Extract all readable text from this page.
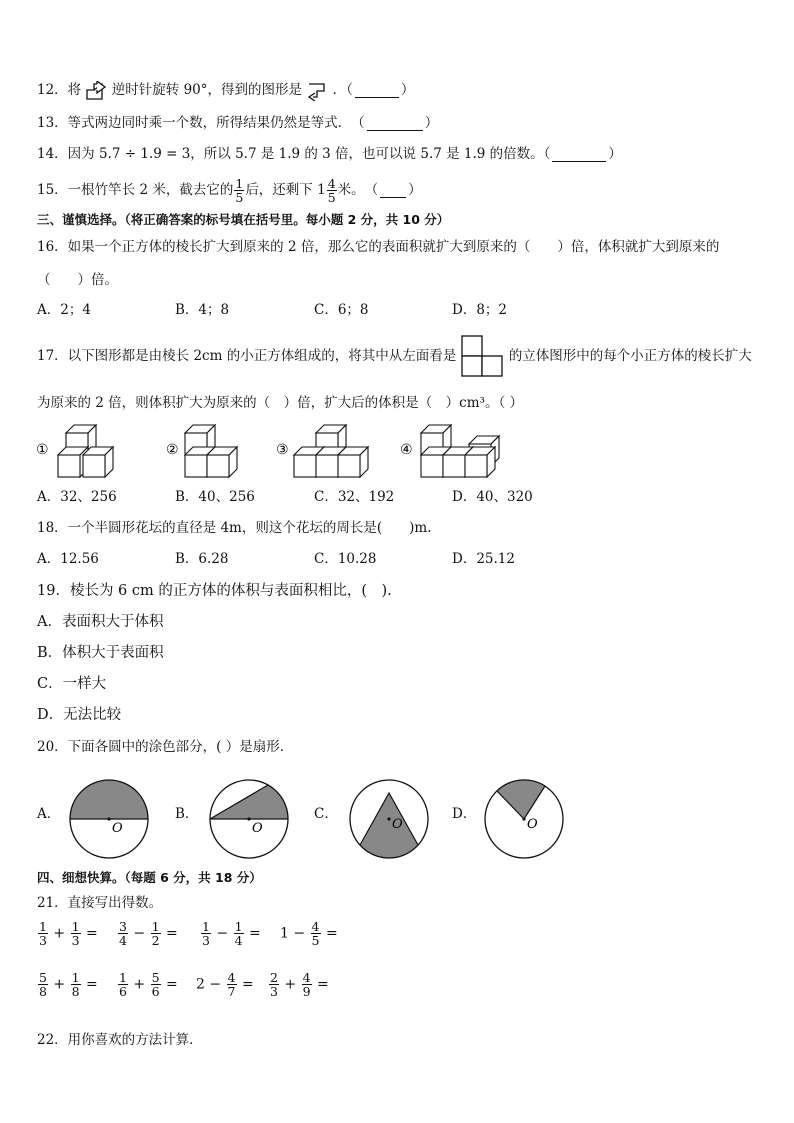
12．将 逆时针旋转 90°，得到的图形是 ．（	）
13．等式两边同时乘一个数，所得结果仍然是等式．　（	）
14．因为 5.7 ÷ 1.9 = 3，所以 5.7 是 1.9 的 3 倍，也可以说 5.7 是 1.9 的倍数。（	）
15．一根竹竿长 2 米，截去它的 $\frac{1}{5}$ 后，还剩下 $1 \frac{4}{5}$ 米。　（ ）
三、谨慎选择。（将正确答案的标号填在括号里。每小题 2 分，共 10 分）
16．如果一个正方体的棱长扩大到原来的 2 倍，那么它的表面积就扩大到原来的（　　）倍，体积就扩大到原来的
（　　）倍。
A．2；4	B．4；8	C．6；8	D．8；2
17．以下图形都是由棱长 2cm 的小正方体组成的，将其中从左面看是	的立体图形中的每个小正方体的棱长扩大
为原来的 2 倍，则体积扩大为原来的（　）倍，扩大后的体积是（　）cm³。（ ）
①	②	③	④
A．32、256	B．40、256	C．32、192	D．40、320
18．一个半圆形花坛的直径是 4m，则这个花坛的周长是(　　)m.
A．12.56	B．6.28	C．10.28	D．25.12
19．棱长为 6 cm 的正方体的体积与表面积相比，(　).
A．表面积大于体积
B．体积大于表面积
C．一样大
D．无法比较
20．下面各圆中的涂色部分，( ）是扇形．
A．
O
B．
O
C．
O
D．
O
四、细想快算。（每题 6 分，共 18 分）
21．直接写出得数。
$\frac{1}{3} + \frac{1}{3} = \frac{3}{4} - \frac{1}{2} = \frac{1}{3} - \frac{1}{4} = 1 - \frac{4}{5}$ =
$\frac{5}{8} + \frac{1}{8} = \frac{1}{6} + \frac{5}{6} = 2 - \frac{4}{7} = \frac{2}{3} + \frac{4}{9}$ =
22．用你喜欢的方法计算．
